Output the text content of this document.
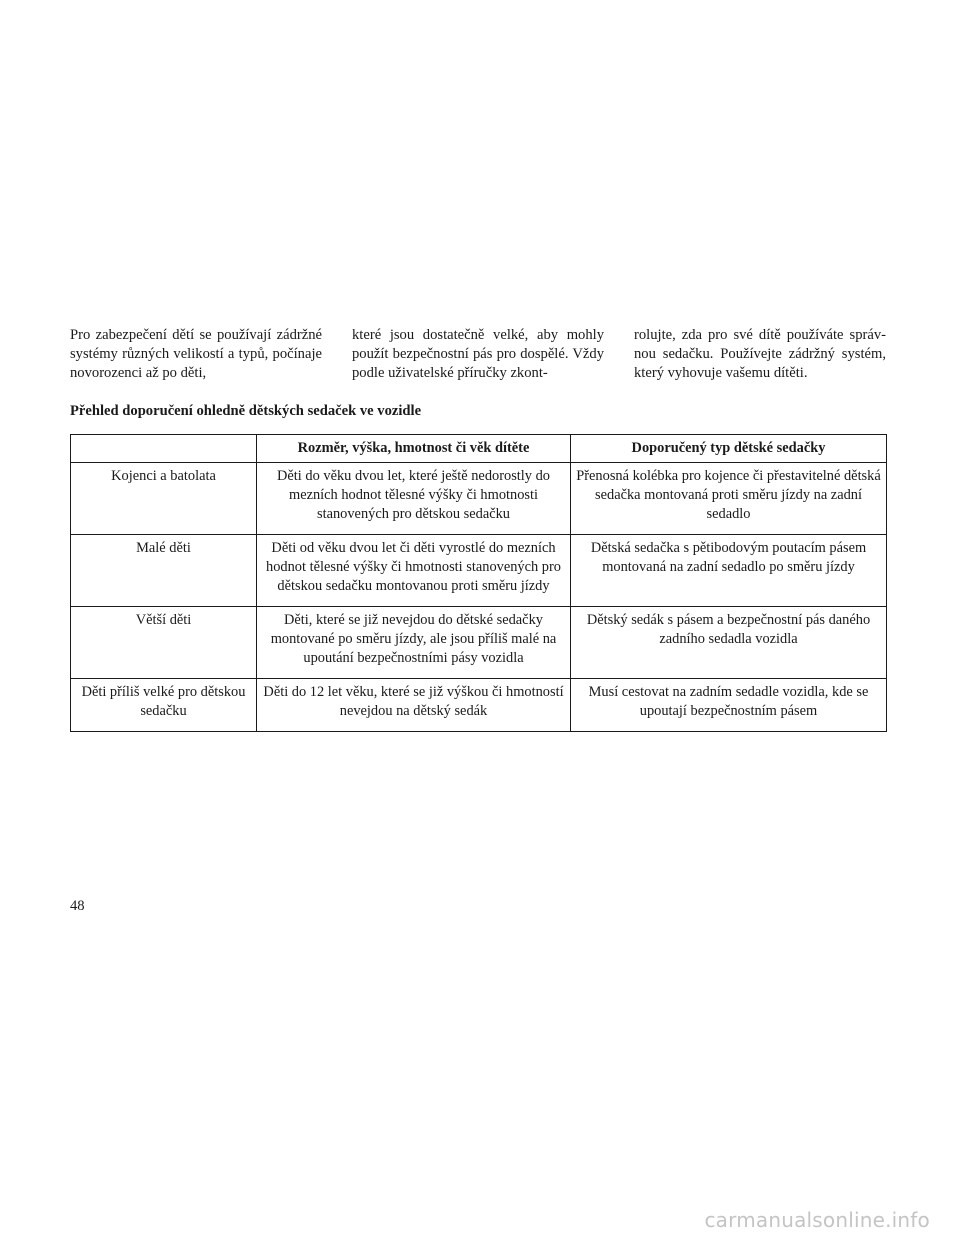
Pro zabezpečení dětí se používají zádržné systémy různých velikostí a typů, počínaje novorozenci až po děti,
které jsou dostatečně velké, aby mohly použít bezpečnostní pás pro dospělé. Vždy podle uživatelské příručky zkont-
rolujte, zda pro své dítě používáte správ-nou sedačku. Používejte zádržný systém, který vyhovuje vašemu dítěti.
Přehled doporučení ohledně dětských sedaček ve vozidle
	Rozměr, výška, hmotnost či věk dítěte	Doporučený typ dětské sedačky
Kojenci a batolata	Děti do věku dvou let, které ještě nedorostly do mezních hodnot tělesné výšky či hmotnosti stanovených pro dětskou sedačku	Přenosná kolébka pro kojence či přestavitelné dětská sedačka montovaná proti směru jízdy na zadní sedadlo
Malé děti	Děti od věku dvou let či děti vyrostlé do mezních hodnot tělesné výšky či hmotnosti stanovených pro dětskou sedačku montovanou proti směru jízdy	Dětská sedačka s pětibodovým poutacím pásem montovaná na zadní sedadlo po směru jízdy
Větší děti	Děti, které se již nevejdou do dětské sedačky montované po směru jízdy, ale jsou příliš malé na upoutání bezpečnostními pásy vozidla	Dětský sedák s pásem a bezpečnostní pás daného zadního sedadla vozidla
Děti příliš velké pro dětskou sedačku	Děti do 12 let věku, které se již výškou či hmotností nevejdou na dětský sedák	Musí cestovat na zadním sedadle vozidla, kde se upoutají bezpečnostním pásem
48
carmanualsonline.info
